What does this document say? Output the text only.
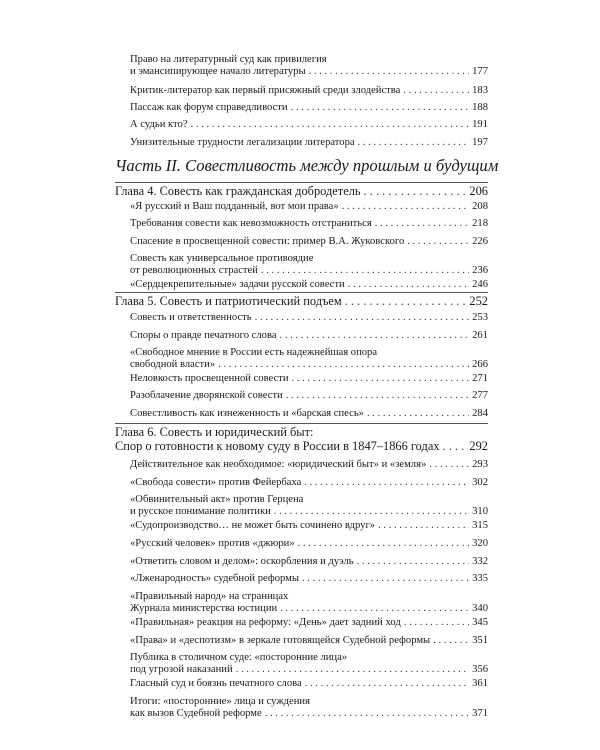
Часть II. Совестливость между прошлым и будущим
Право на литературный суд как привилегия
и эмансипирующее начало литературы . . .	177
Критик-литератор как первый присяжный среди злодейства . . .	183
Пассаж как форум справедливости . . .	188
А судьи кто? . . .	191
Унизительные трудности легализации литератора . . .	197
Глава 4. Совесть как гражданская добродетель . . .	206
«Я русский и Ваш подданный, вот мои права» . . .	208
Требования совести как невозможность отстраниться . . .	218
Спасение в просвещенной совести: пример В.А. Жуковского . . .	226
Совесть как универсальное противоядие
от революционных страстей . . .	236
«Сердцекрепительные» задачи русской совести . . .	246
Глава 5. Совесть и патриотический подъем . . .	252
Совесть и ответственность . . .	253
Споры о правде печатного слова . . .	261
«Свободное мнение в России есть надежнейшая опора
свободной власти» . . .	266
Неловкость просвещенной совести . . .	271
Разоблачение дворянской совести . . .	277
Совестливость как изнеженность и «барская спесь» . . .	284
Глава 6. Совесть и юридический быт:
Спор о готовности к новому суду в России в 1847–1866 годах . . . 292
Действительное как необходимое: «юридический быт» и «земля» . . .	293
«Свобода совести» против Фейербаха . . .	302
«Обвинительный акт» против Герцена
и русское понимание политики . . .	310
«Судопроизводство… не может быть сочинено вдруг» . . .	315
«Русский человек» против «джюри» . . .	320
«Ответить словом и делом»: оскорбления и дуэль . . .	332
«Лженародность» судебной реформы . . .	335
«Правильный народ» на страницах
Журнала министерства юстиции . . .	340
«Правильная» реакция на реформу: «День» дает задний ход . . .	345
«Права» и «деспотизм» в зеркале готовящейся Судебной реформы . . .	351
Публика в столичном суде: «посторонние лица»
под угрозой наказаний . . .	356
Гласный суд и боязнь печатного слова . . .	361
Итоги: «посторонние» лица и суждения
как вызов Судебной реформе . . .	371
